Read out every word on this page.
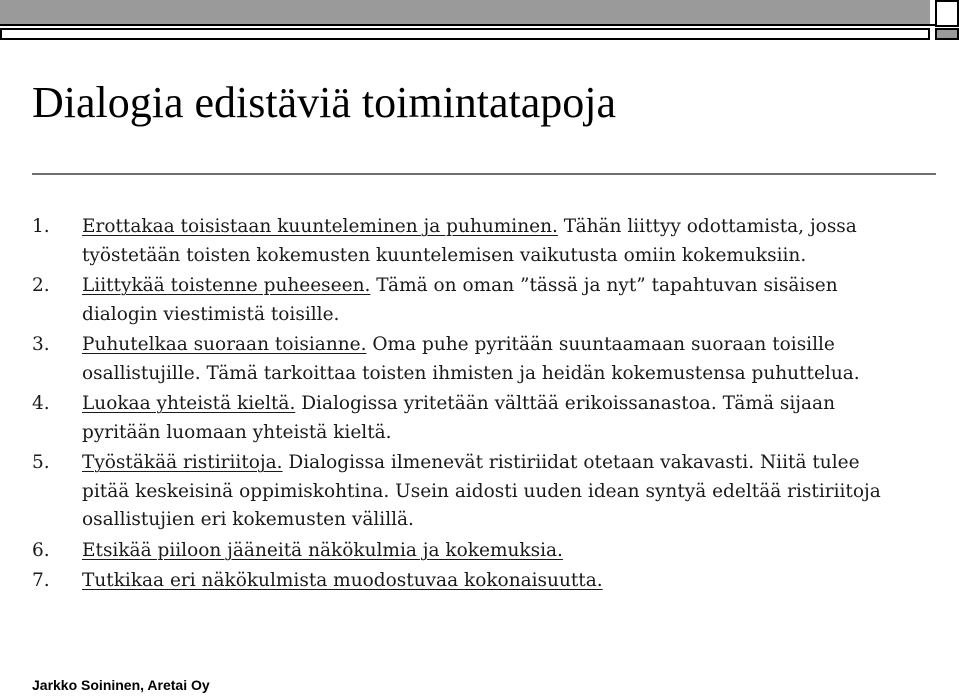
Dialogia edistäviä toimintatapoja
1. Erottakaa toisistaan kuunteleminen ja puhuminen. Tähän liittyy odottamista, jossa työstetään toisten kokemusten kuuntelemisen vaikutusta omiin kokemuksiin.
2. Liittykää toistenne puheeseen. Tämä on oman ”tässä ja nyt” tapahtuvan sisäisen dialogin viestimistä toisille.
3. Puhutelkaa suoraan toisianne. Oma puhe pyritään suuntaamaan suoraan toisille osallistujille. Tämä tarkoittaa toisten ihmisten ja heidän kokemustensa puhuttelua.
4. Luokaa yhteistä kieltä. Dialogissa yritetään välttää erikoissanastoa. Tämä sijaan pyritään luomaan yhteistä kieltä.
5. Työstäkää ristiriitoja. Dialogissa ilmenevät ristiriidat otetaan vakavasti. Niitä tulee pitää keskeisinä oppimiskohtina. Usein aidosti uuden idean syntyä edeltää ristiriitoja osallistujien eri kokemusten välillä.
6. Etsikää piiloon jääneitä näkökulmia ja kokemuksia.
7. Tutkikaa eri näkökulmista muodostuvaa kokonaisuutta.
Jarkko Soininen, Aretai Oy
